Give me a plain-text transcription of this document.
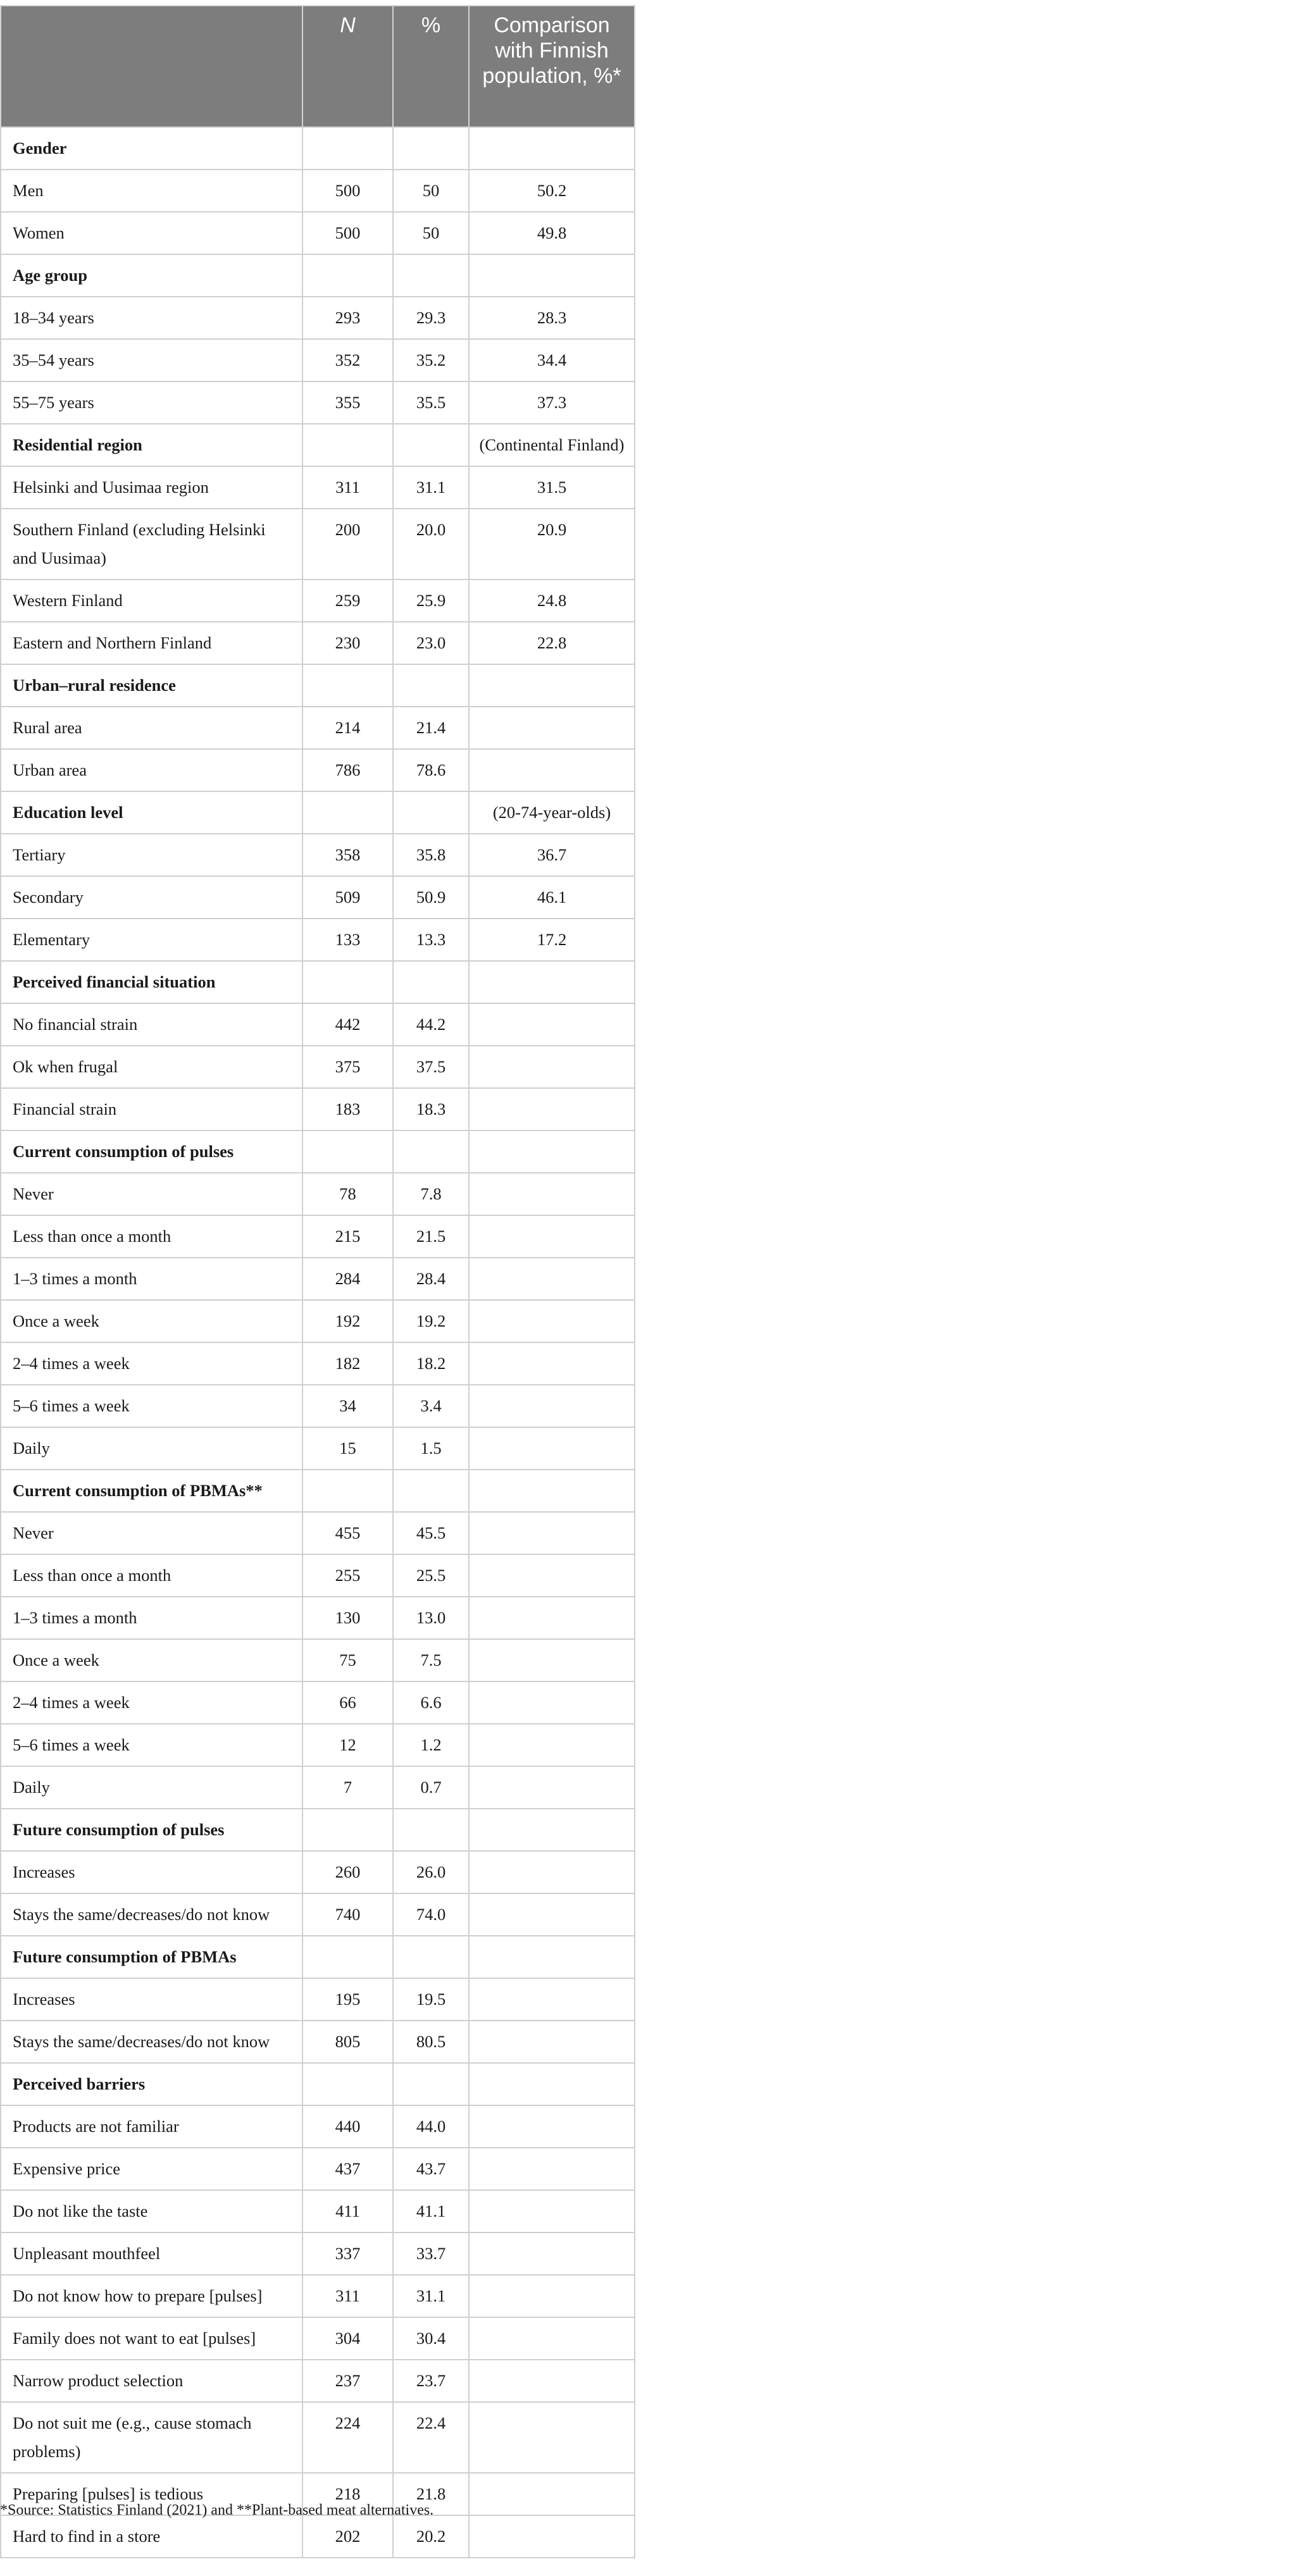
	N	%	Comparison with Finnish population, %*
Gender			
Men	500	50	50.2
Women	500	50	49.8
Age group			
18–34 years	293	29.3	28.3
35–54 years	352	35.2	34.4
55–75 years	355	35.5	37.3
Residential region			(Continental Finland)
Helsinki and Uusimaa region	311	31.1	31.5
Southern Finland (excluding Helsinki and Uusimaa)	200	20.0	20.9
Western Finland	259	25.9	24.8
Eastern and Northern Finland	230	23.0	22.8
Urban–rural residence			
Rural area	214	21.4	
Urban area	786	78.6	
Education level			(20-74-year-olds)
Tertiary	358	35.8	36.7
Secondary	509	50.9	46.1
Elementary	133	13.3	17.2
Perceived financial situation			
No financial strain	442	44.2	
Ok when frugal	375	37.5	
Financial strain	183	18.3	
Current consumption of pulses			
Never	78	7.8	
Less than once a month	215	21.5	
1–3 times a month	284	28.4	
Once a week	192	19.2	
2–4 times a week	182	18.2	
5–6 times a week	34	3.4	
Daily	15	1.5	
Current consumption of PBMAs**			
Never	455	45.5	
Less than once a month	255	25.5	
1–3 times a month	130	13.0	
Once a week	75	7.5	
2–4 times a week	66	6.6	
5–6 times a week	12	1.2	
Daily	7	0.7	
Future consumption of pulses			
Increases	260	26.0	
Stays the same/decreases/do not know	740	74.0	
Future consumption of PBMAs			
Increases	195	19.5	
Stays the same/decreases/do not know	805	80.5	
Perceived barriers			
Products are not familiar	440	44.0	
Expensive price	437	43.7	
Do not like the taste	411	41.1	
Unpleasant mouthfeel	337	33.7	
Do not know how to prepare [pulses]	311	31.1	
Family does not want to eat [pulses]	304	30.4	
Narrow product selection	237	23.7	
Do not suit me (e.g., cause stomach problems)	224	22.4	
Preparing [pulses] is tedious	218	21.8	
Hard to find in a store	202	20.2	
*Source: Statistics Finland (2021) and **Plant-based meat alternatives.
